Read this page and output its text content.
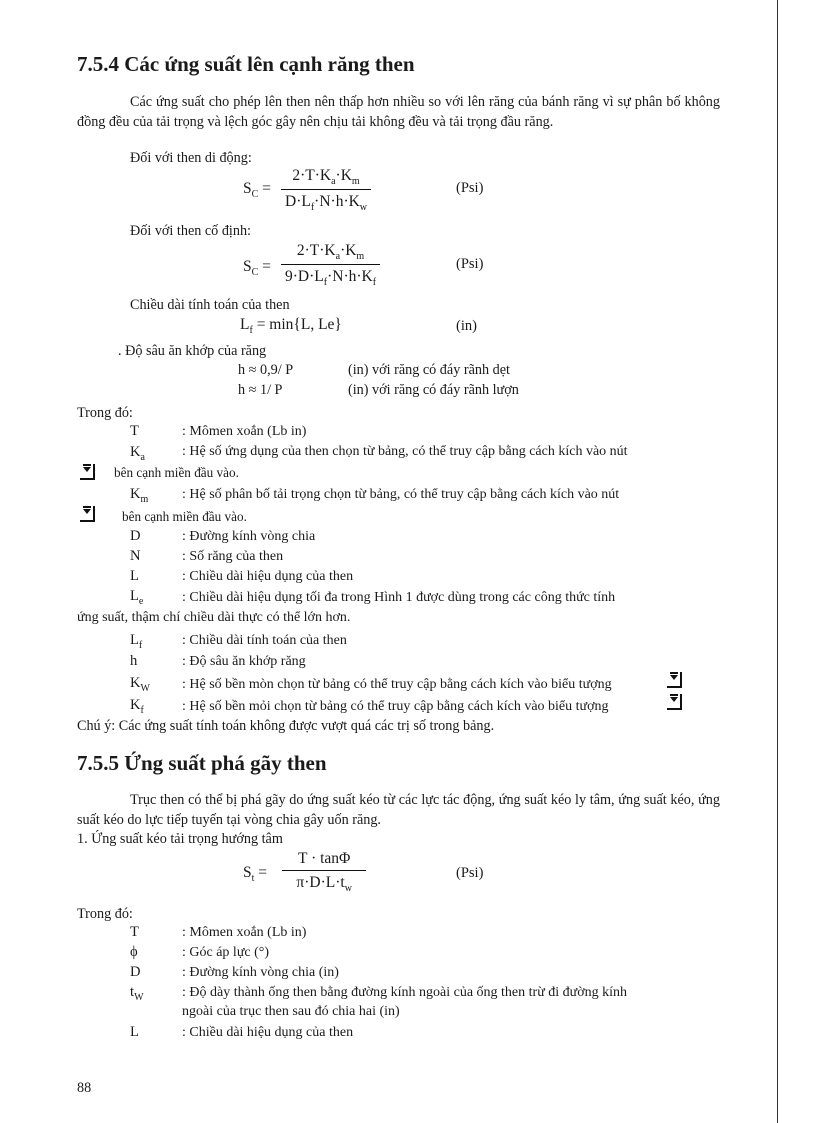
7.5.4 Các ứng suất lên cạnh răng then
Các ứng suất cho phép lên then nên thấp hơn nhiều so với lên răng của bánh răng vì sự phân bố không đồng đều của tải trọng và lệch góc gây nên chịu tải không đều và tải trọng đầu răng.
Đối với then di động:
$S_C = \frac{2\cdot T\cdot K_a\cdot K_m}{D\cdot L_f\cdot N\cdot h\cdot K_w}$	(Psi)
Đối với then cố định:
$S_C = \frac{2\cdot T\cdot K_a\cdot K_m}{9\cdot D\cdot L_f\cdot N\cdot h\cdot K_f}$	(Psi)
Chiều dài tính toán của then
$L_f = \min\{L$, Le}	(in)
. Độ sâu ăn khớp của răng
h ≈ 0,9/ P	(in) với răng có đáy rãnh dẹt
h ≈ 1/ P	(in) với răng có đáy rãnh lượn
Trong đó:
T	: Mômen xoắn (Lb in)
$K_a$	: Hệ số ứng dụng của then chọn từ bảng, có thể truy cập bằng cách kích vào nút
bên cạnh miền đầu vào.
$K_m$ : Hệ số phân bố tải trọng chọn từ bảng, có thể truy cập bằng cách kích vào nút
bên cạnh miền đầu vào.
D	: Đường kính vòng chia
N	: Số răng của then
L	: Chiều dài hiệu dụng của then
$L_e$	: Chiều dài hiệu dụng tối đa trong Hình 1 được dùng trong các công thức tính
ứng suất, thậm chí chiều dài thực có thể lớn hơn.
$L_f$	: Chiều dài tính toán của then
h	: Độ sâu ăn khớp răng
$K_W$ : Hệ số bền mòn chọn từ bảng có thể truy cập bằng cách kích vào biểu tượng
$K_f$	: Hệ số bền mỏi chọn từ bảng có thể truy cập bằng cách kích vào biểu tượng
Chú ý: Các ứng suất tính toán không được vượt quá các trị số trong bảng.
7.5.5 Ứng suất phá gãy then
Trục then có thể bị phá gãy do ứng suất kéo từ các lực tác động, ứng suất kéo ly tâm, ứng suất kéo, ứng suất kéo do lực tiếp tuyến tại vòng chia gây uốn răng.
1. Ứng suất kéo tải trọng hướng tâm
$S_t = \frac{T \cdot \tan\Phi}{\pi\cdot D\cdot L\cdot t_w}$	(Psi)
Trong đó:
T	: Mômen xoắn (Lb in)
ϕ	: Góc áp lực (°)
D	: Đường kính vòng chia (in)
$t_W$	: Độ dày thành ống then bằng đường kính ngoài của ống then trừ đi đường kính
ngoài của trục then sau đó chia hai (in)
L	: Chiều dài hiệu dụng của then
88
